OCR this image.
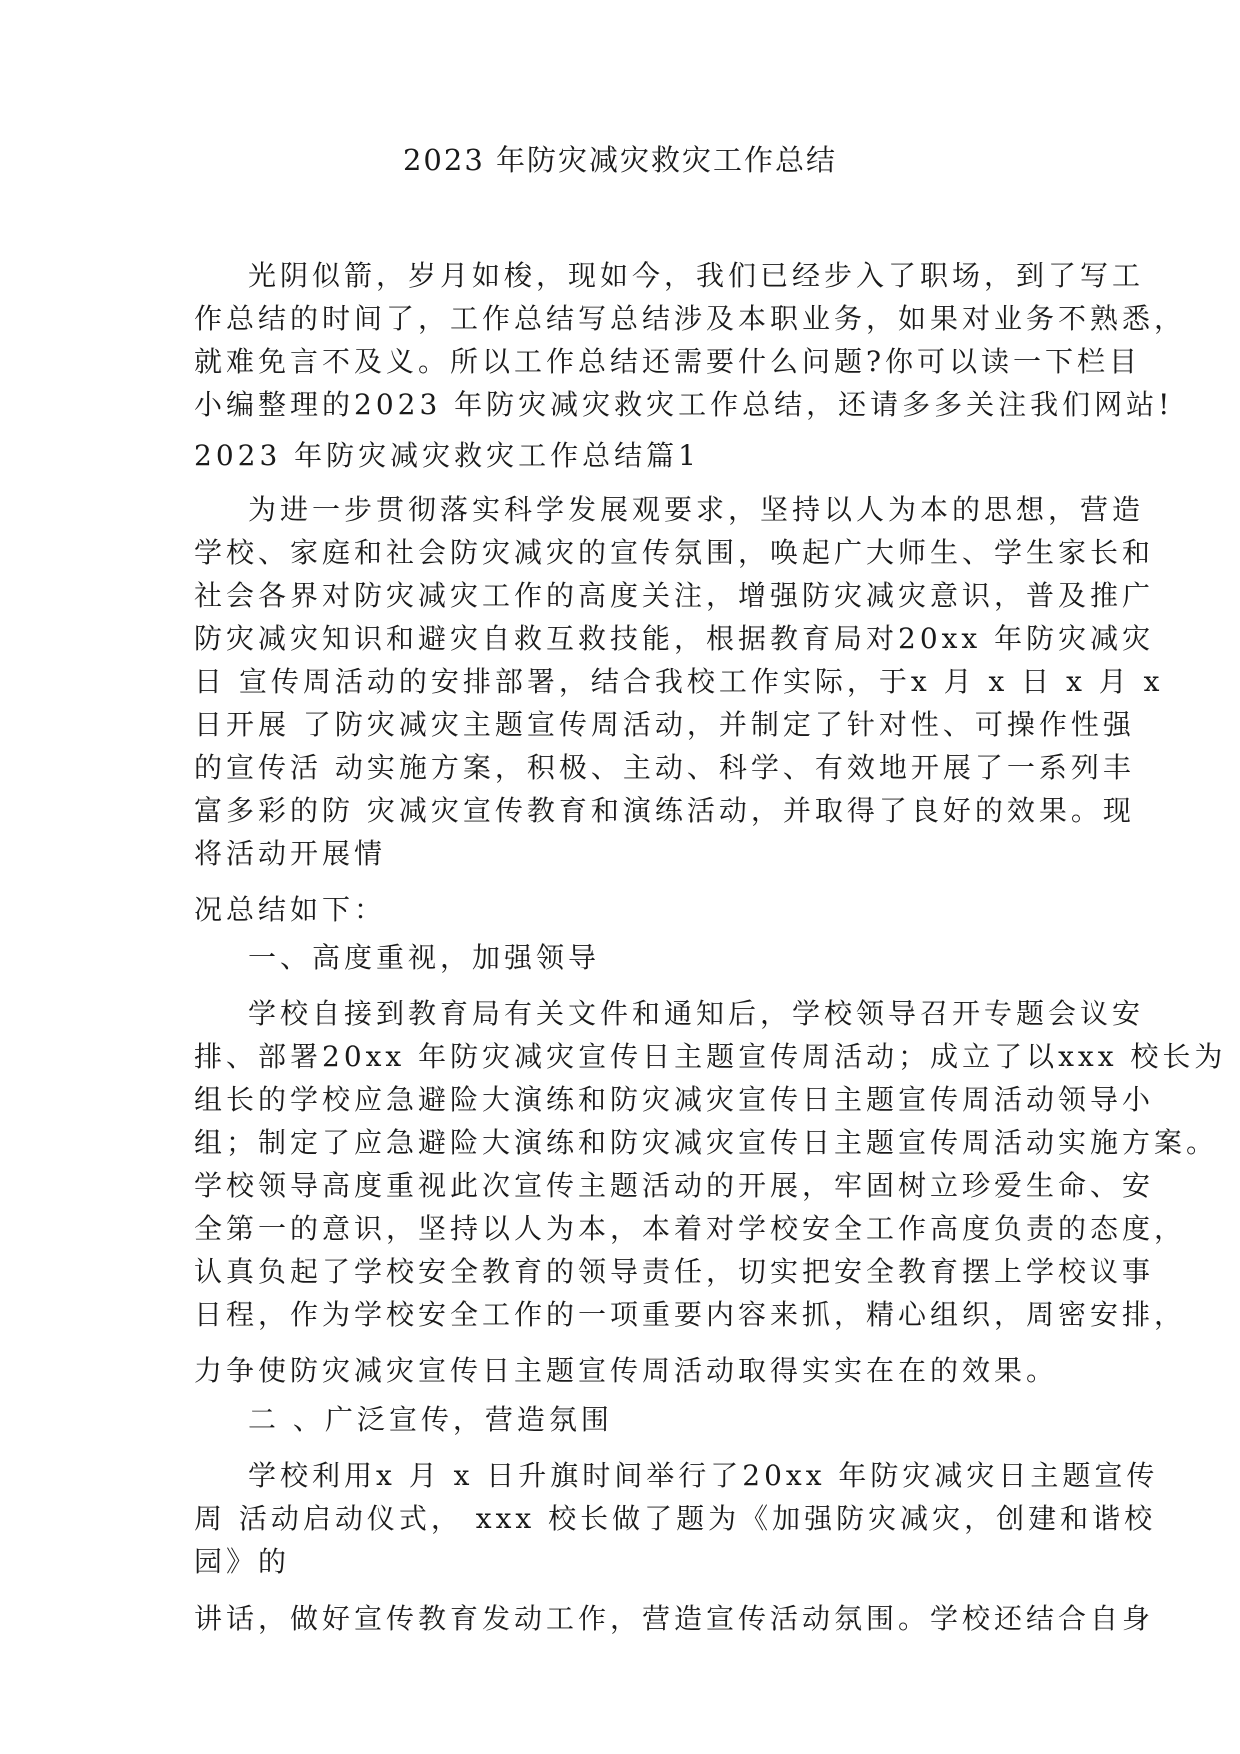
2023 年防灾减灾救灾工作总结
光阴似箭，岁月如梭，现如今，我们已经步入了职场，到了写工
作总结的时间了，工作总结写总结涉及本职业务，如果对业务不熟悉，
就难免言不及义。所以工作总结还需要什么问题?你可以读一下栏目
小编整理的2023 年防灾减灾救灾工作总结，还请多多关注我们网站!
2023 年防灾减灾救灾工作总结篇1
为进一步贯彻落实科学发展观要求，坚持以人为本的思想，营造
学校、家庭和社会防灾减灾的宣传氛围，唤起广大师生、学生家长和
社会各界对防灾减灾工作的高度关注，增强防灾减灾意识，普及推广
防灾减灾知识和避灾自救互救技能，根据教育局对20xx 年防灾减灾
日 宣传周活动的安排部署，结合我校工作实际，于x 月 x 日 x 月 x
日开展 了防灾减灾主题宣传周活动，并制定了针对性、可操作性强
的宣传活 动实施方案，积极、主动、科学、有效地开展了一系列丰
富多彩的防 灾减灾宣传教育和演练活动，并取得了良好的效果。现
将活动开展情
况总结如下：
一、高度重视，加强领导
学校自接到教育局有关文件和通知后，学校领导召开专题会议安
排、部署20xx 年防灾减灾宣传日主题宣传周活动；成立了以xxx 校长为
组长的学校应急避险大演练和防灾减灾宣传日主题宣传周活动领导小
组；制定了应急避险大演练和防灾减灾宣传日主题宣传周活动实施方案。
学校领导高度重视此次宣传主题活动的开展，牢固树立珍爱生命、安
全第一的意识，坚持以人为本，本着对学校安全工作高度负责的态度，
认真负起了学校安全教育的领导责任，切实把安全教育摆上学校议事
日程，作为学校安全工作的一项重要内容来抓，精心组织，周密安排，
力争使防灾减灾宣传日主题宣传周活动取得实实在在的效果。
二 、广泛宣传，营造氛围
学校利用x 月 x 日升旗时间举行了20xx 年防灾减灾日主题宣传
周 活动启动仪式， xxx 校长做了题为《加强防灾减灾，创建和谐校
园》的
讲话，做好宣传教育发动工作，营造宣传活动氛围。学校还结合自身
